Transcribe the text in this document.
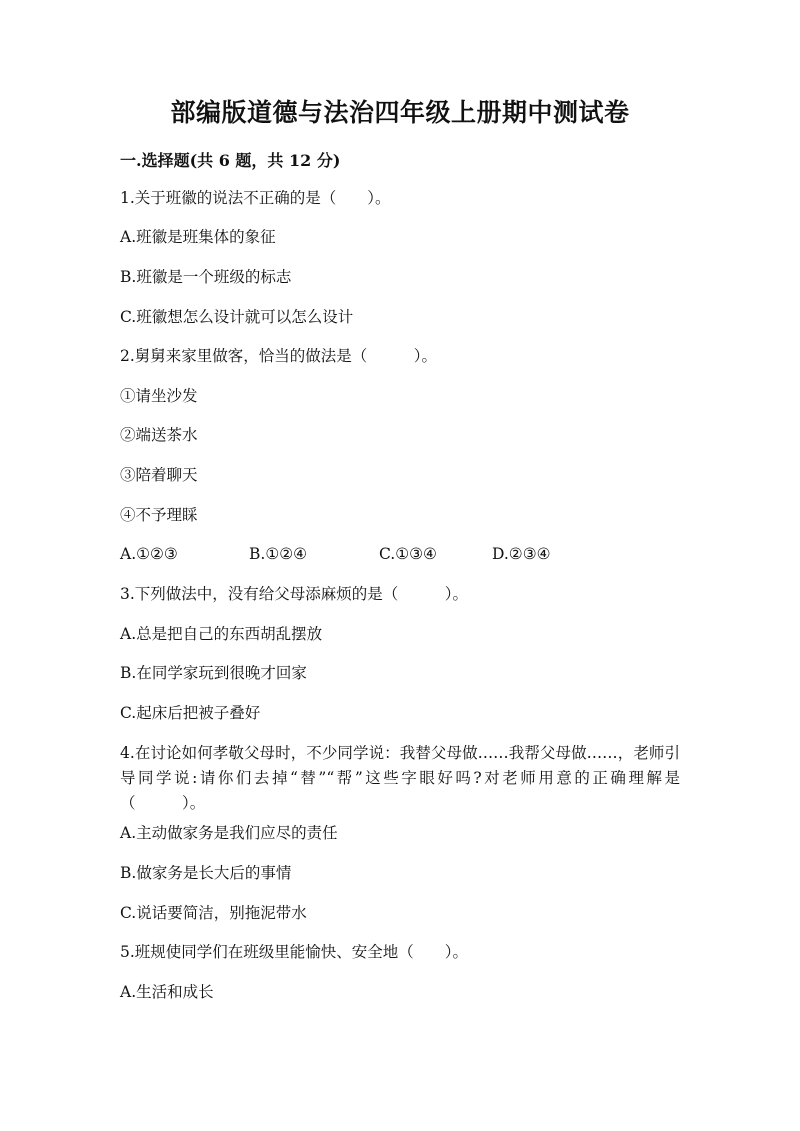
部编版道德与法治四年级上册期中测试卷
一.选择题(共 6 题，共 12 分)
1.关于班徽的说法不正确的是（　　）。
A.班徽是班集体的象征
B.班徽是一个班级的标志
C.班徽想怎么设计就可以怎么设计
2.舅舅来家里做客，恰当的做法是（　　　）。
①请坐沙发
②端送茶水
③陪着聊天
④不予理睬
A.①②③	B.①②④	C.①③④	D.②③④
3.下列做法中，没有给父母添麻烦的是（　　　）。
A.总是把自己的东西胡乱摆放
B.在同学家玩到很晚才回家
C.起床后把被子叠好
4.在讨论如何孝敬父母时，不少同学说：我替父母做……我帮父母做……，老师引导同学说:请你们去掉“替”“帮”这些字眼好吗?对老师用意的正确理解是（　　　）。
A.主动做家务是我们应尽的责任
B.做家务是长大后的事情
C.说话要简洁，别拖泥带水
5.班规使同学们在班级里能愉快、安全地（　　）。
A.生活和成长
